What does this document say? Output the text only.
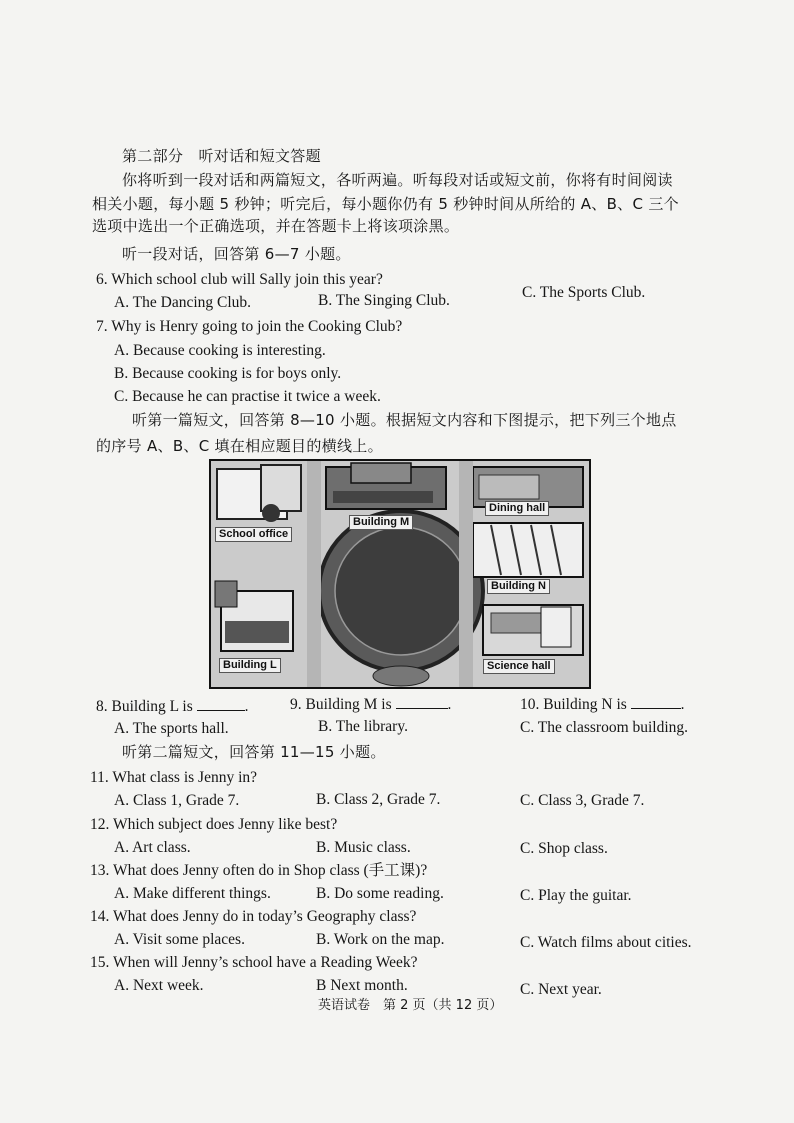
第二部分　听对话和短文答题
你将听到一段对话和两篇短文，各听两遍。听每段对话或短文前，你将有时间阅读
相关小题，每小题 5 秒钟；听完后，每小题你仍有 5 秒钟时间从所给的 A、B、C 三个
选项中选出一个正确选项，并在答题卡上将该项涂黑。
听一段对话，回答第 6—7 小题。
6. Which school club will Sally join this year?
A. The Dancing Club.	B. The Singing Club.	C. The Sports Club.
7. Why is Henry going to join the Cooking Club?
A. Because cooking is interesting.
B. Because cooking is for boys only.
C. Because he can practise it twice a week.
听第一篇短文，回答第 8—10 小题。根据短文内容和下图提示，把下列三个地点
的序号 A、B、C 填在相应题目的横线上。
School office
Building M
Dining hall
Building N
Building L	Science hall
8. Building L is	.	9. Building M is	.	10. Building N is	.
A. The sports hall.	B. The library.	C. The classroom building.
听第二篇短文，回答第 11—15 小题。
11. What class is Jenny in?
A. Class 1, Grade 7.	B. Class 2, Grade 7.	C. Class 3, Grade 7.
12. Which subject does Jenny like best?
A. Art class.	B. Music class.	C. Shop class.
13. What does Jenny often do in Shop class (手工课)?
A. Make different things.	B. Do some reading.	C. Play the guitar.
14. What does Jenny do in today’s Geography class?
A. Visit some places.	B. Work on the map.	C. Watch films about cities.
15. When will Jenny’s school have a Reading Week?
A. Next week.	B Next month.	C. Next year.
英语试卷　第 2 页（共 12 页）
